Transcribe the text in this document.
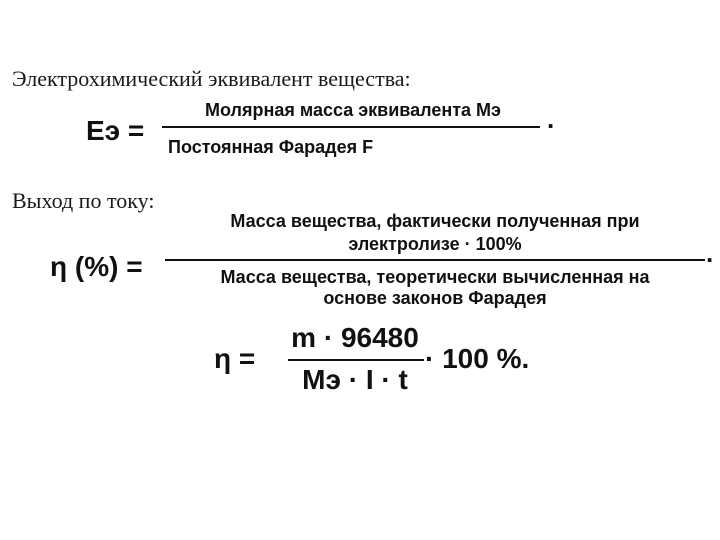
Электрохимический эквивалент вещества:
Eэ =
Молярная масса эквивалента Mэ
Постоянная Фарадея F
.
Выход по току:
η (%) =
Масса вещества, фактически полученная при
электролизе · 100%
Масса вещества, теоретически вычисленная на
основе законов Фарадея
.
η =
m · 96480
Mэ · I · t
· 100 %.
